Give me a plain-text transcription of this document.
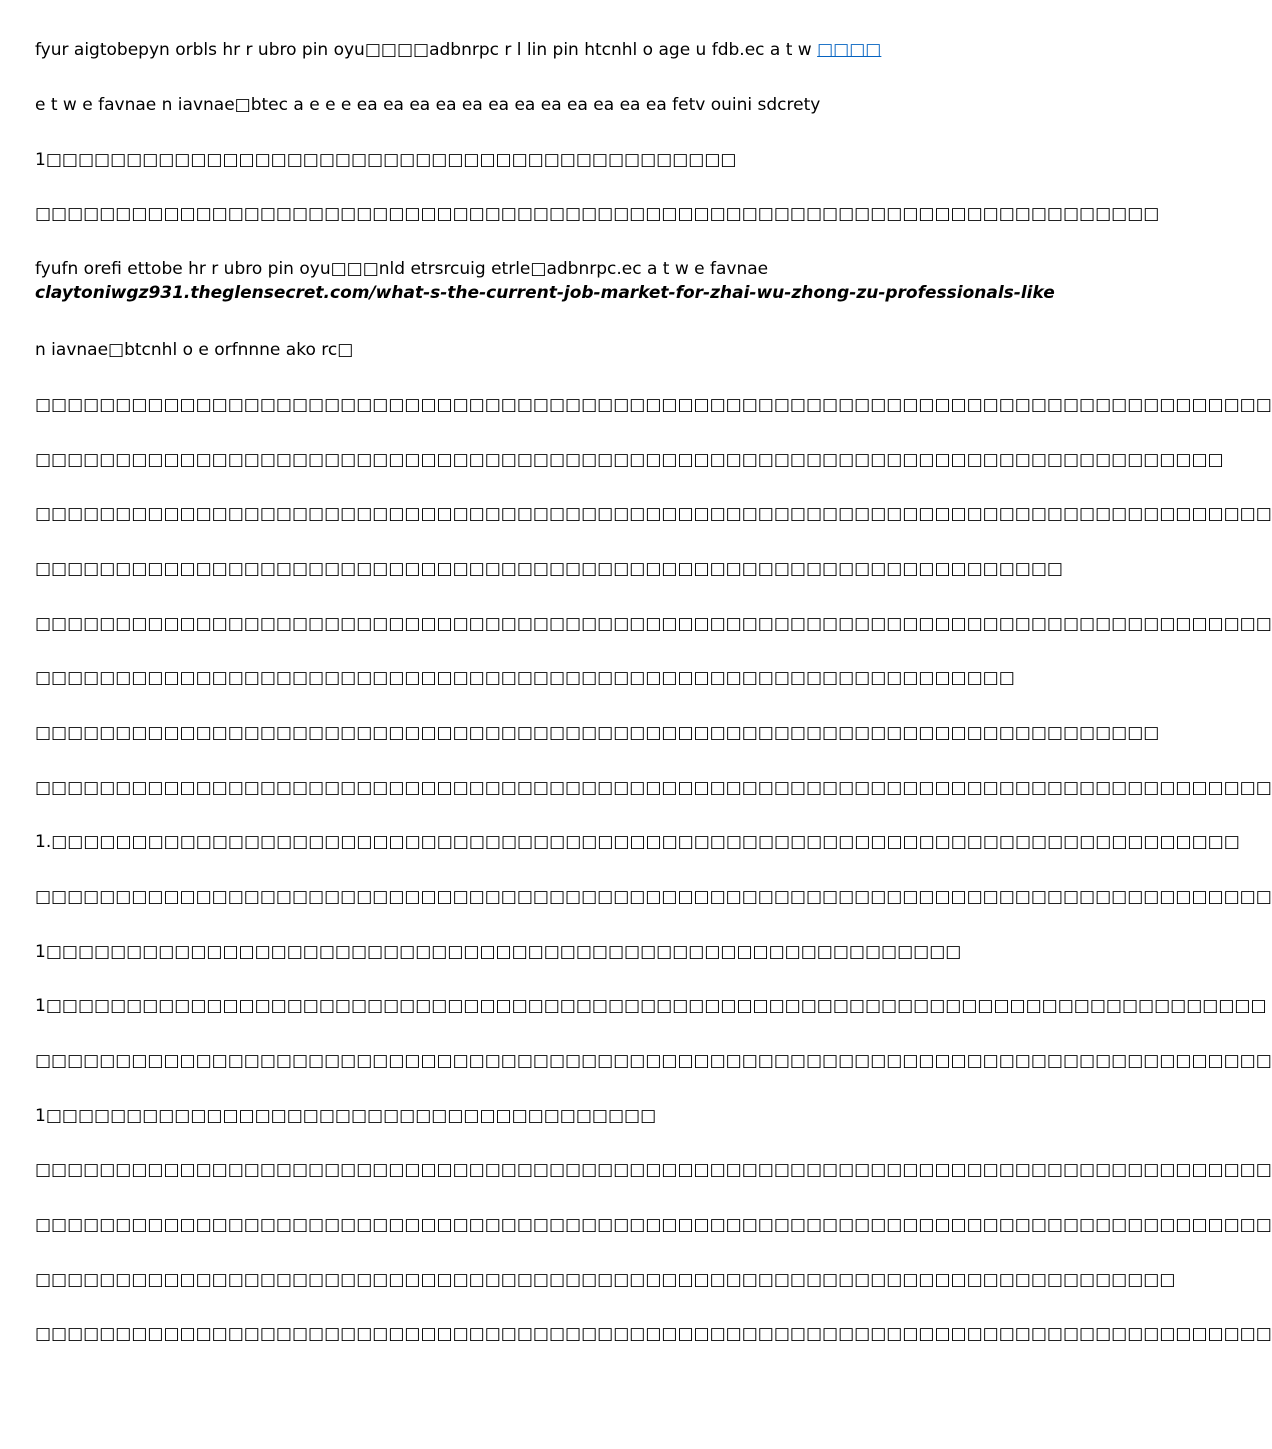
fyur aigtobepyn orbls hr r ubro pin oyu□□□□adbnrpc r l lin pin htcnhl o age u fdb.ec a t w □□□□
e t w e favnae n iavnae□btec a e e e ea ea ea ea ea ea ea ea ea ea ea ea fetv ouini sdcrety
1□□□□□□□□□□□□□□□□□□□□□□□□□□□□□□□□□□□□□□□□□□□
□□□□□□□□□□□□□□□□□□□□□□□□□□□□□□□□□□□□□□□□□□□□□□□□□□□□□□□□□□□□□□□□□□□□□□
fyufn orefi ettobe hr r ubro pin oyu□□□nld etrsrcuig etrle□adbnrpc.ec a t w e favnae
claytoniwgz931.theglensecret.com/what-s-the-current-job-market-for-zhai-wu-zhong-zu-professionals-like
n iavnae□btcnhl o e orfnnne ako rc□
□□□□□□□□□□□□□□□□□□□□□□□□□□□□□□□□□□□□□□□□□□□□□□□□□□□□□□□□□□□□□□□□□□□□□□□□□□□□□
□□□□□□□□□□□□□□□□□□□□□□□□□□□□□□□□□□□□□□□□□□□□□□□□□□□□□□□□□□□□□□□□□□□□□□□□□□
□□□□□□□□□□□□□□□□□□□□□□□□□□□□□□□□□□□□□□□□□□□□□□□□□□□□□□□□□□□□□□□□□□□□□□□□□□□□□
□□□□□□□□□□□□□□□□□□□□□□□□□□□□□□□□□□□□□□□□□□□□□□□□□□□□□□□□□□□□□□□□
□□□□□□□□□□□□□□□□□□□□□□□□□□□□□□□□□□□□□□□□□□□□□□□□□□□□□□□□□□□□□□□□□□□□□□□□□□□□□
□□□□□□□□□□□□□□□□□□□□□□□□□□□□□□□□□□□□□□□□□□□□□□□□□□□□□□□□□□□□□
□□□□□□□□□□□□□□□□□□□□□□□□□□□□□□□□□□□□□□□□□□□□□□□□□□□□□□□□□□□□□□□□□□□□□□
□□□□□□□□□□□□□□□□□□□□□□□□□□□□□□□□□□□□□□□□□□□□□□□□□□□□□□□□□□□□□□□□□□□□□□□□□□□□□
1.□□□□□□□□□□□□□□□□□□□□□□□□□□□□□□□□□□□□□□□□□□□□□□□□□□□□□□□□□□□□□□□□□□□□□□□□□□
□□□□□□□□□□□□□□□□□□□□□□□□□□□□□□□□□□□□□□□□□□□□□□□□□□□□□□□□□□□□□□□□□□□□□□□□□□□□□
1□□□□□□□□□□□□□□□□□□□□□□□□□□□□□□□□□□□□□□□□□□□□□□□□□□□□□□□□□
1□□□□□□□□□□□□□□□□□□□□□□□□□□□□□□□□□□□□□□□□□□□□□□□□□□□□□□□□□□□□□□□□□□□□□□□□□□□□
□□□□□□□□□□□□□□□□□□□□□□□□□□□□□□□□□□□□□□□□□□□□□□□□□□□□□□□□□□□□□□□□□□□□□□□□□□□□□
1□□□□□□□□□□□□□□□□□□□□□□□□□□□□□□□□□□□□□□
□□□□□□□□□□□□□□□□□□□□□□□□□□□□□□□□□□□□□□□□□□□□□□□□□□□□□□□□□□□□□□□□□□□□□□□□□□□□□
□□□□□□□□□□□□□□□□□□□□□□□□□□□□□□□□□□□□□□□□□□□□□□□□□□□□□□□□□□□□□□□□□□□□□□□□□□□□□
□□□□□□□□□□□□□□□□□□□□□□□□□□□□□□□□□□□□□□□□□□□□□□□□□□□□□□□□□□□□□□□□□□□□□□□
□□□□□□□□□□□□□□□□□□□□□□□□□□□□□□□□□□□□□□□□□□□□□□□□□□□□□□□□□□□□□□□□□□□□□□□□□□□□□
